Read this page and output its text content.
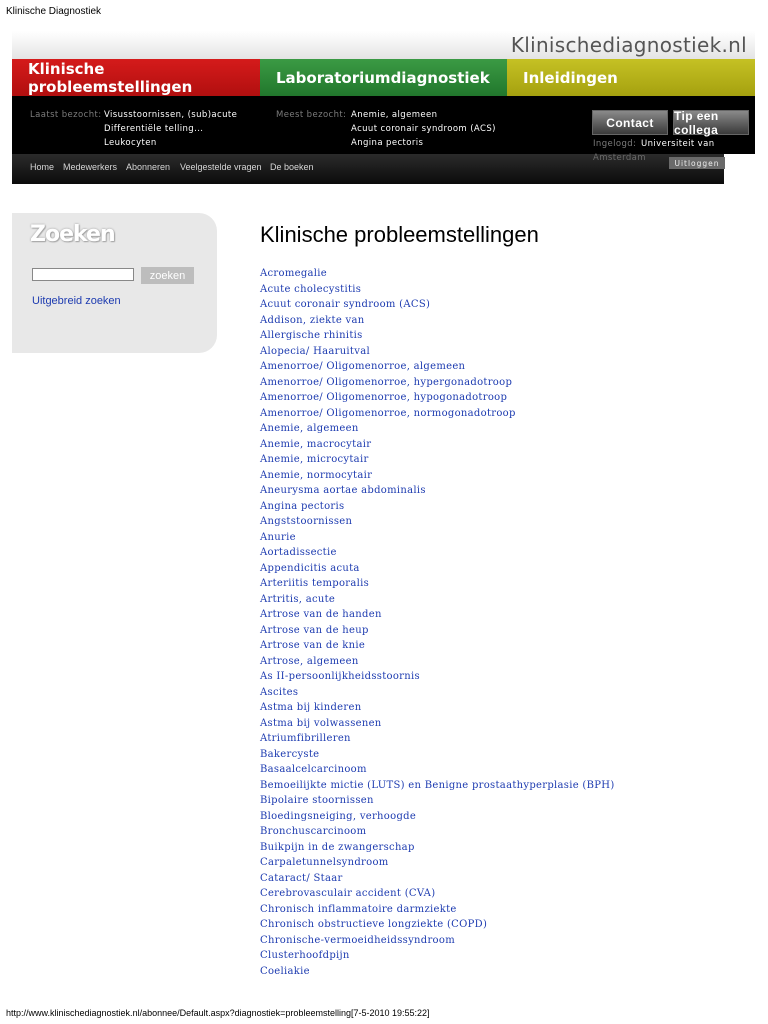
Klinische Diagnostiek
Klinischediagnostiek.nl
Klinische probleemstellingen	Laboratoriumdiagnostiek	Inleidingen
Laatst bezocht: Visusstoornissen, (sub)acute
Differentiële telling...
Leukocyten
Meest bezocht: Anemie, algemeen
Acuut coronair syndroom (ACS)
Angina pectoris
Contact	Tip een collega
Ingelogd: Universiteit van
Amsterdam	Uitloggen
Home Medewerkers Abonneren Veelgestelde vragen De boeken
Zoeken
zoeken
Uitgebreid zoeken
Klinische probleemstellingen
Acromegalie
Acute cholecystitis
Acuut coronair syndroom (ACS)
Addison, ziekte van
Allergische rhinitis
Alopecia/ Haaruitval
Amenorroe/ Oligomenorroe, algemeen
Amenorroe/ Oligomenorroe, hypergonadotroop
Amenorroe/ Oligomenorroe, hypogonadotroop
Amenorroe/ Oligomenorroe, normogonadotroop
Anemie, algemeen
Anemie, macrocytair
Anemie, microcytair
Anemie, normocytair
Aneurysma aortae abdominalis
Angina pectoris
Angststoornissen
Anurie
Aortadissectie
Appendicitis acuta
Arteriitis temporalis
Artritis, acute
Artrose van de handen
Artrose van de heup
Artrose van de knie
Artrose, algemeen
As II-persoonlijkheidsstoornis
Ascites
Astma bij kinderen
Astma bij volwassenen
Atriumfibrilleren
Bakercyste
Basaalcelcarcinoom
Bemoeilijkte mictie (LUTS) en Benigne prostaathyperplasie (BPH)
Bipolaire stoornissen
Bloedingsneiging, verhoogde
Bronchuscarcinoom
Buikpijn in de zwangerschap
Carpaletunnelsyndroom
Cataract/ Staar
Cerebrovasculair accident (CVA)
Chronisch inflammatoire darmziekte
Chronisch obstructieve longziekte (COPD)
Chronische-vermoeidheidssyndroom
Clusterhoofdpijn
Coeliakie
http://www.klinischediagnostiek.nl/abonnee/Default.aspx?diagnostiek=probleemstelling[7-5-2010 19:55:22]
